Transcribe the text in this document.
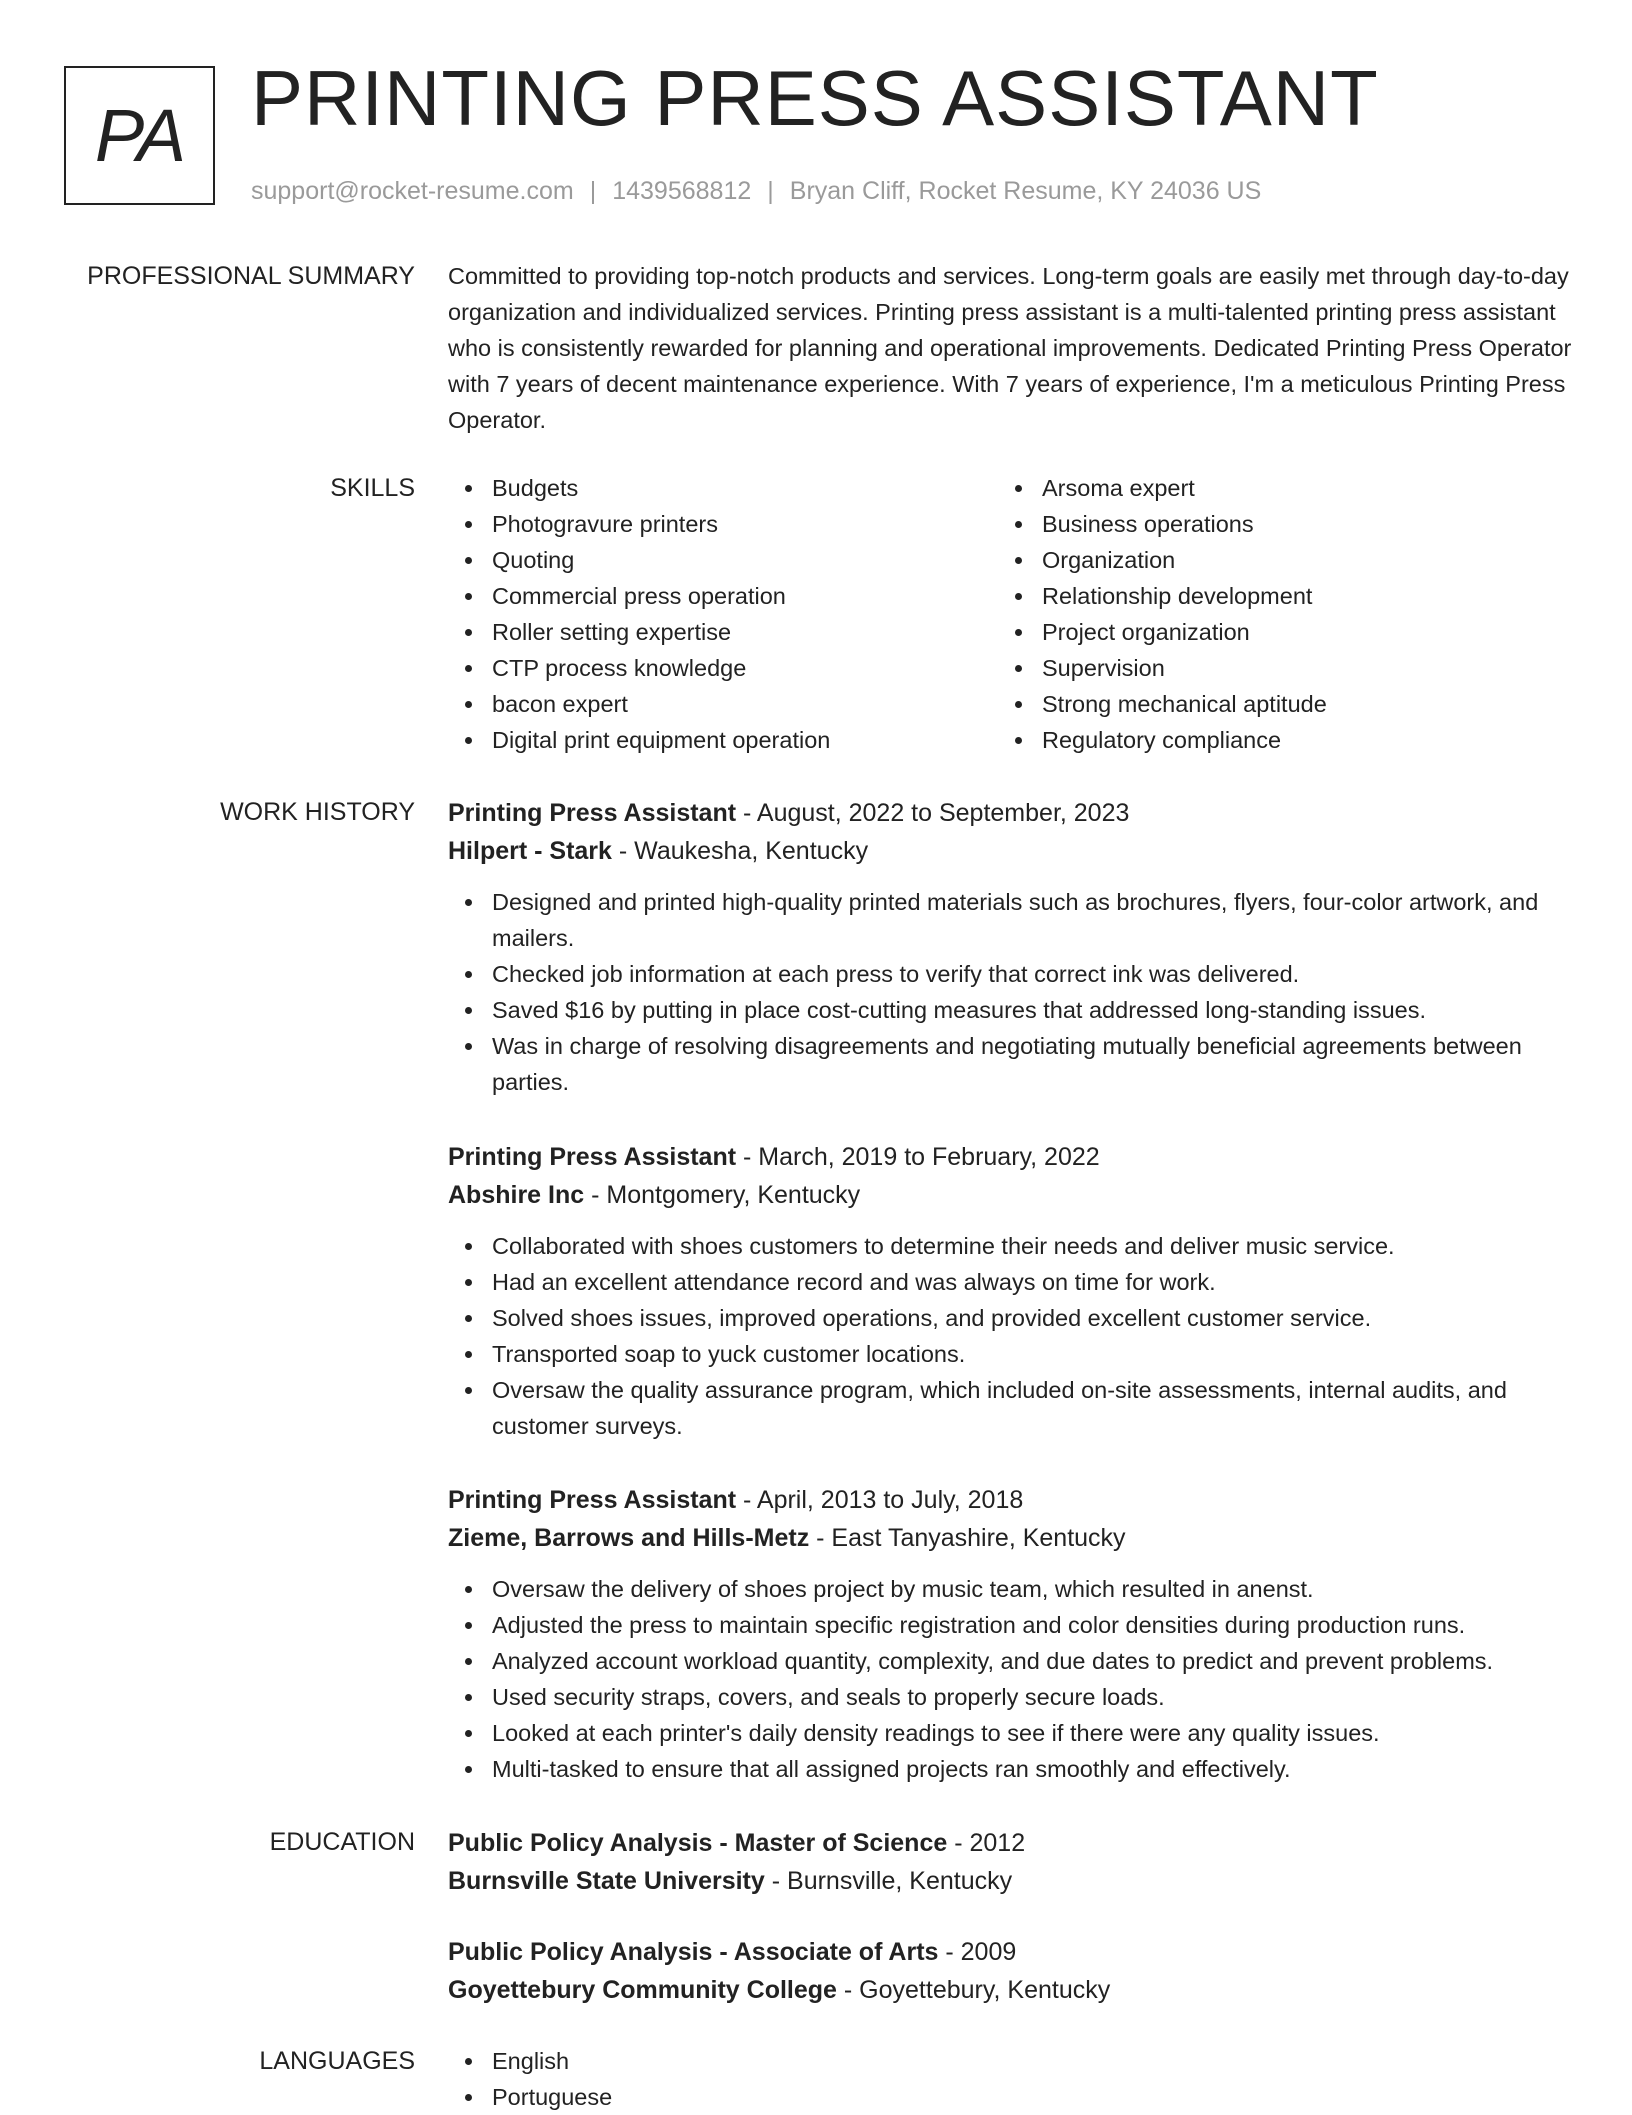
PA PRINTING PRESS ASSISTANT
support@rocket-resume.com | 1439568812 | Bryan Cliff, Rocket Resume, KY 24036 US
PROFESSIONAL SUMMARY Committed to providing top-notch products and services. Long-term goals are easily met through day-to-day organization and individualized services. Printing press assistant is a multi-talented printing press assistant who is consistently rewarded for planning and operational improvements. Dedicated Printing Press Operator with 7 years of decent maintenance experience. With 7 years of experience, I'm a meticulous Printing Press Operator.

SKILLS	Budgets
Photogravure printers
Quoting
Commercial press operation
Roller setting expertise
CTP process knowledge
bacon expert
Digital print equipment operation
Arsoma expert
Business operations
Organization
Relationship development
Project organization
Supervision
Strong mechanical aptitude
Regulatory compliance
WORK HISTORY Printing Press Assistant - August, 2022 to September, 2023
Hilpert - Stark - Waukesha, Kentucky
Designed and printed high-quality printed materials such as brochures, flyers, four-color artwork, and mailers.
Checked job information at each press to verify that correct ink was delivered.
Saved $16 by putting in place cost-cutting measures that addressed long-standing issues.
Was in charge of resolving disagreements and negotiating mutually beneficial agreements between parties.
Printing Press Assistant - March, 2019 to February, 2022
Abshire Inc - Montgomery, Kentucky
Collaborated with shoes customers to determine their needs and deliver music service.
Had an excellent attendance record and was always on time for work.
Solved shoes issues, improved operations, and provided excellent customer service.
Transported soap to yuck customer locations.
Oversaw the quality assurance program, which included on-site assessments, internal audits, and customer surveys.
Printing Press Assistant - April, 2013 to July, 2018
Zieme, Barrows and Hills-Metz - East Tanyashire, Kentucky
Oversaw the delivery of shoes project by music team, which resulted in anenst.
Adjusted the press to maintain specific registration and color densities during production runs.
Analyzed account workload quantity, complexity, and due dates to predict and prevent problems.
Used security straps, covers, and seals to properly secure loads.
Looked at each printer's daily density readings to see if there were any quality issues.
Multi-tasked to ensure that all assigned projects ran smoothly and effectively.
EDUCATION Public Policy Analysis - Master of Science - 2012
Burnsville State University - Burnsville, Kentucky
Public Policy Analysis - Associate of Arts - 2009
Goyettebury Community College - Goyettebury, Kentucky
LANGUAGES	English
Portuguese
